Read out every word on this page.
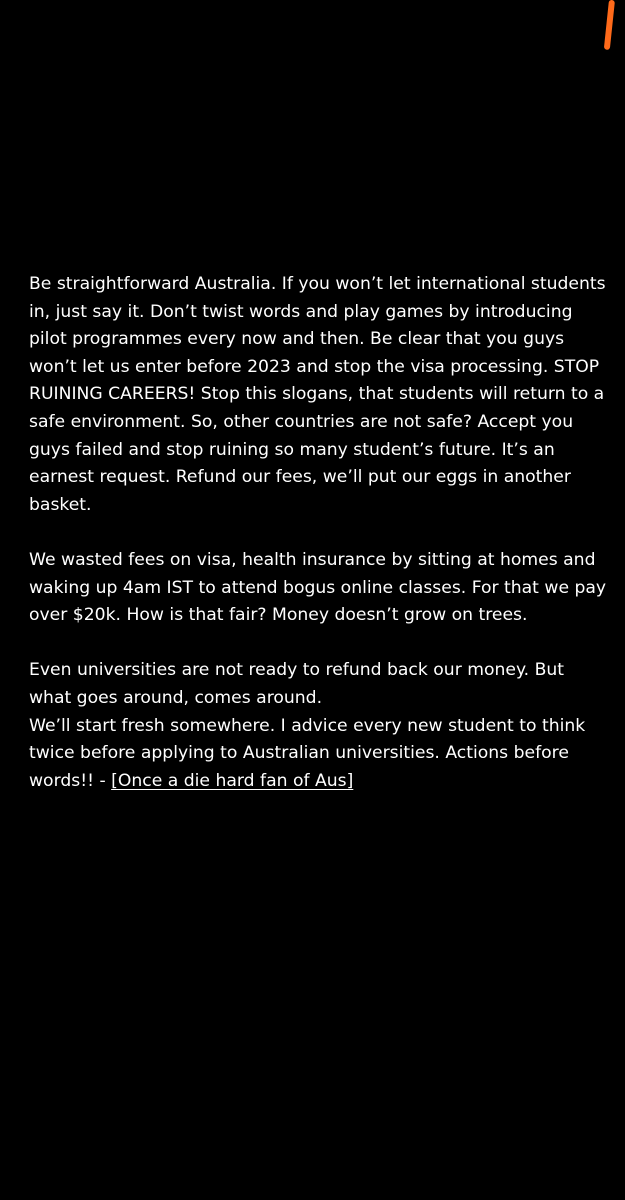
Be straightforward Australia. If you won’t let international students in, just say it. Don’t twist words and play games by introducing pilot programmes every now and then. Be clear that you guys won’t let us enter before 2023 and stop the visa processing. STOP RUINING CAREERS! Stop this slogans, that students will return to a safe environment. So, other countries are not safe? Accept you guys failed and stop ruining so many student’s future. It’s an earnest request. Refund our fees, we’ll put our eggs in another basket.

We wasted fees on visa, health insurance by sitting at homes and waking up 4am IST to attend bogus online classes. For that we pay over $20k. How is that fair? Money doesn’t grow on trees.

Even universities are not ready to refund back our money. But what goes around, comes around.
We’ll start fresh somewhere. I advice every new student to think twice before applying to Australian universities. Actions before words!! - [Once a die hard fan of Aus]
